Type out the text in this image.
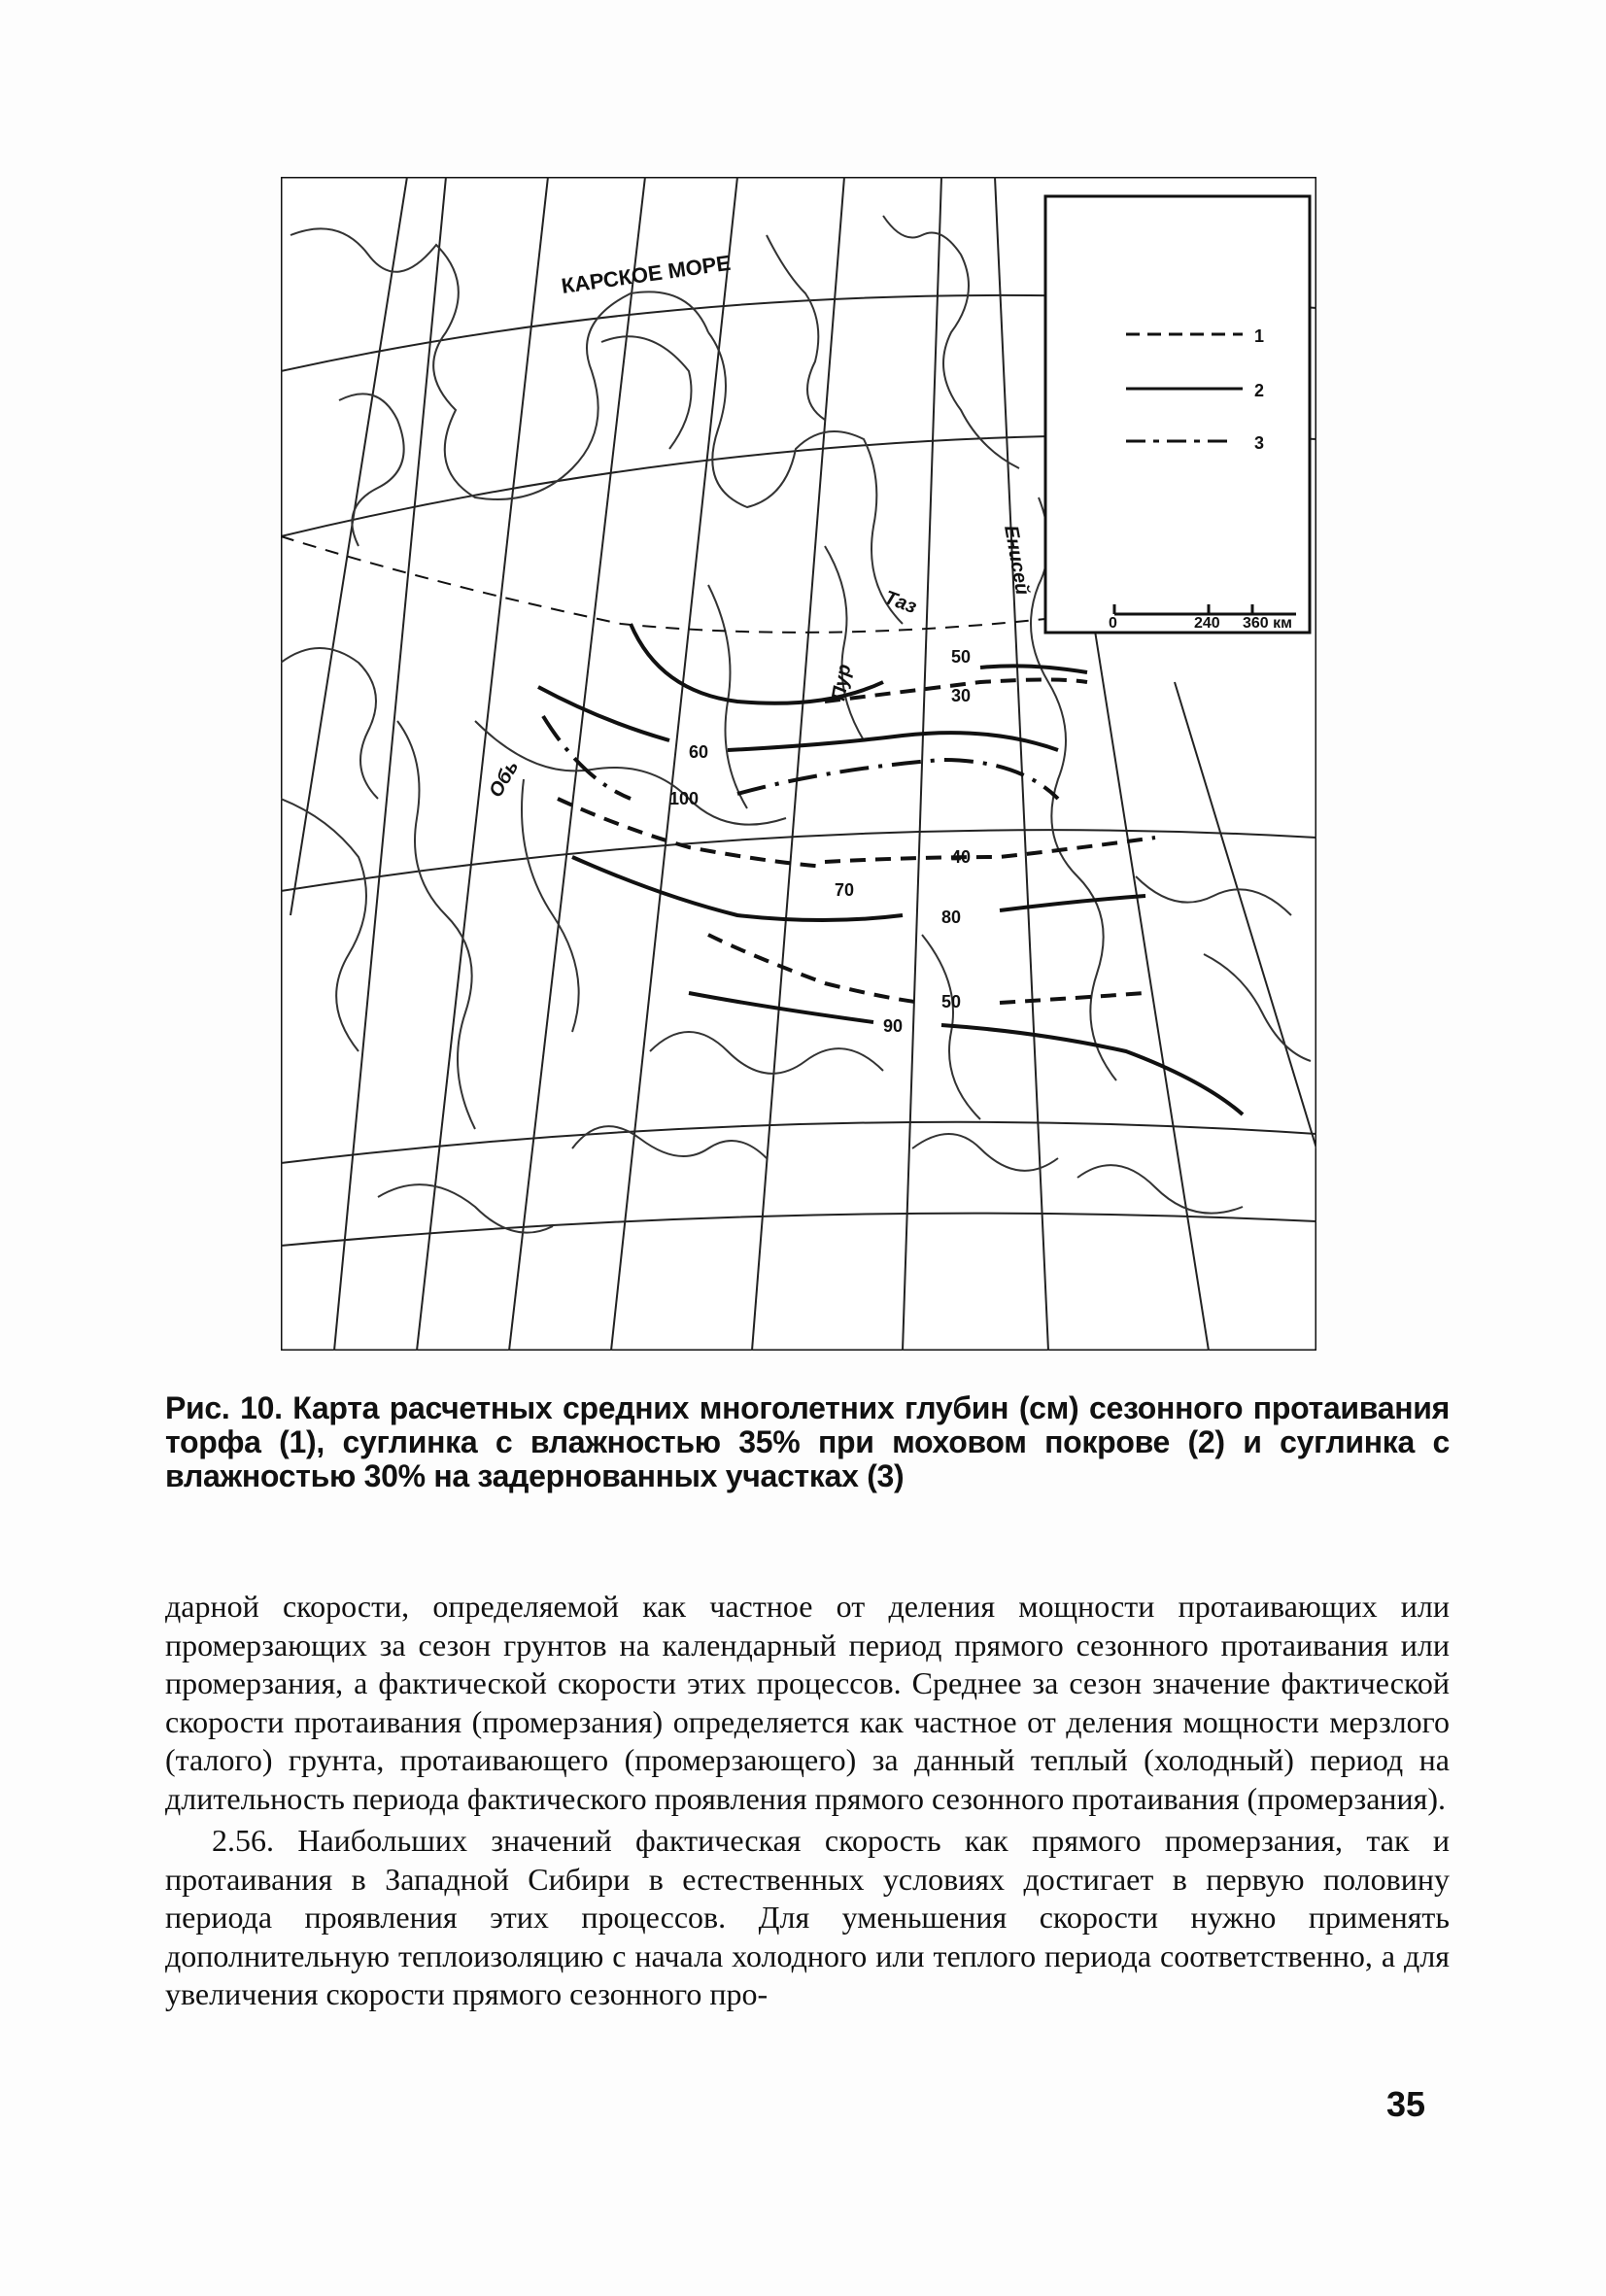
1
2
3
0	240 360 км
КАРСКОЕ МОРЕ
Таз
Пур
Обь
Енисей
50
30
60
100
40
70
80
50
90
Рис. 10. Карта расчетных средних многолетних глубин (см) сезонного протаивания торфа (1), суглинка с влажностью 35% при моховом покрове (2) и суглинка с влажностью 30% на задернованных участках (3)

дарной скорости, определяемой как частное от деления мощности протаивающих или промерзающих за сезон грунтов на календарный период прямого сезонного протаивания или промерзания, а фактической скорости этих процессов. Среднее за сезон значение фактической скорости протаивания (промерзания) определяется как частное от деления мощности мерзлого (талого) грунта, протаивающего (промерзающего) за данный теплый (холодный) период на длительность периода фактического проявления прямого сезонного протаивания (промерзания).

2.56. Наибольших значений фактическая скорость как прямого промерзания, так и протаивания в Западной Сибири в естественных условиях достигает в первую половину периода проявления этих процессов. Для уменьшения скорости нужно применять дополнительную теплоизоляцию с начала холодного или теплого периода соответственно, а для увеличения скорости прямого сезонного про-

35
